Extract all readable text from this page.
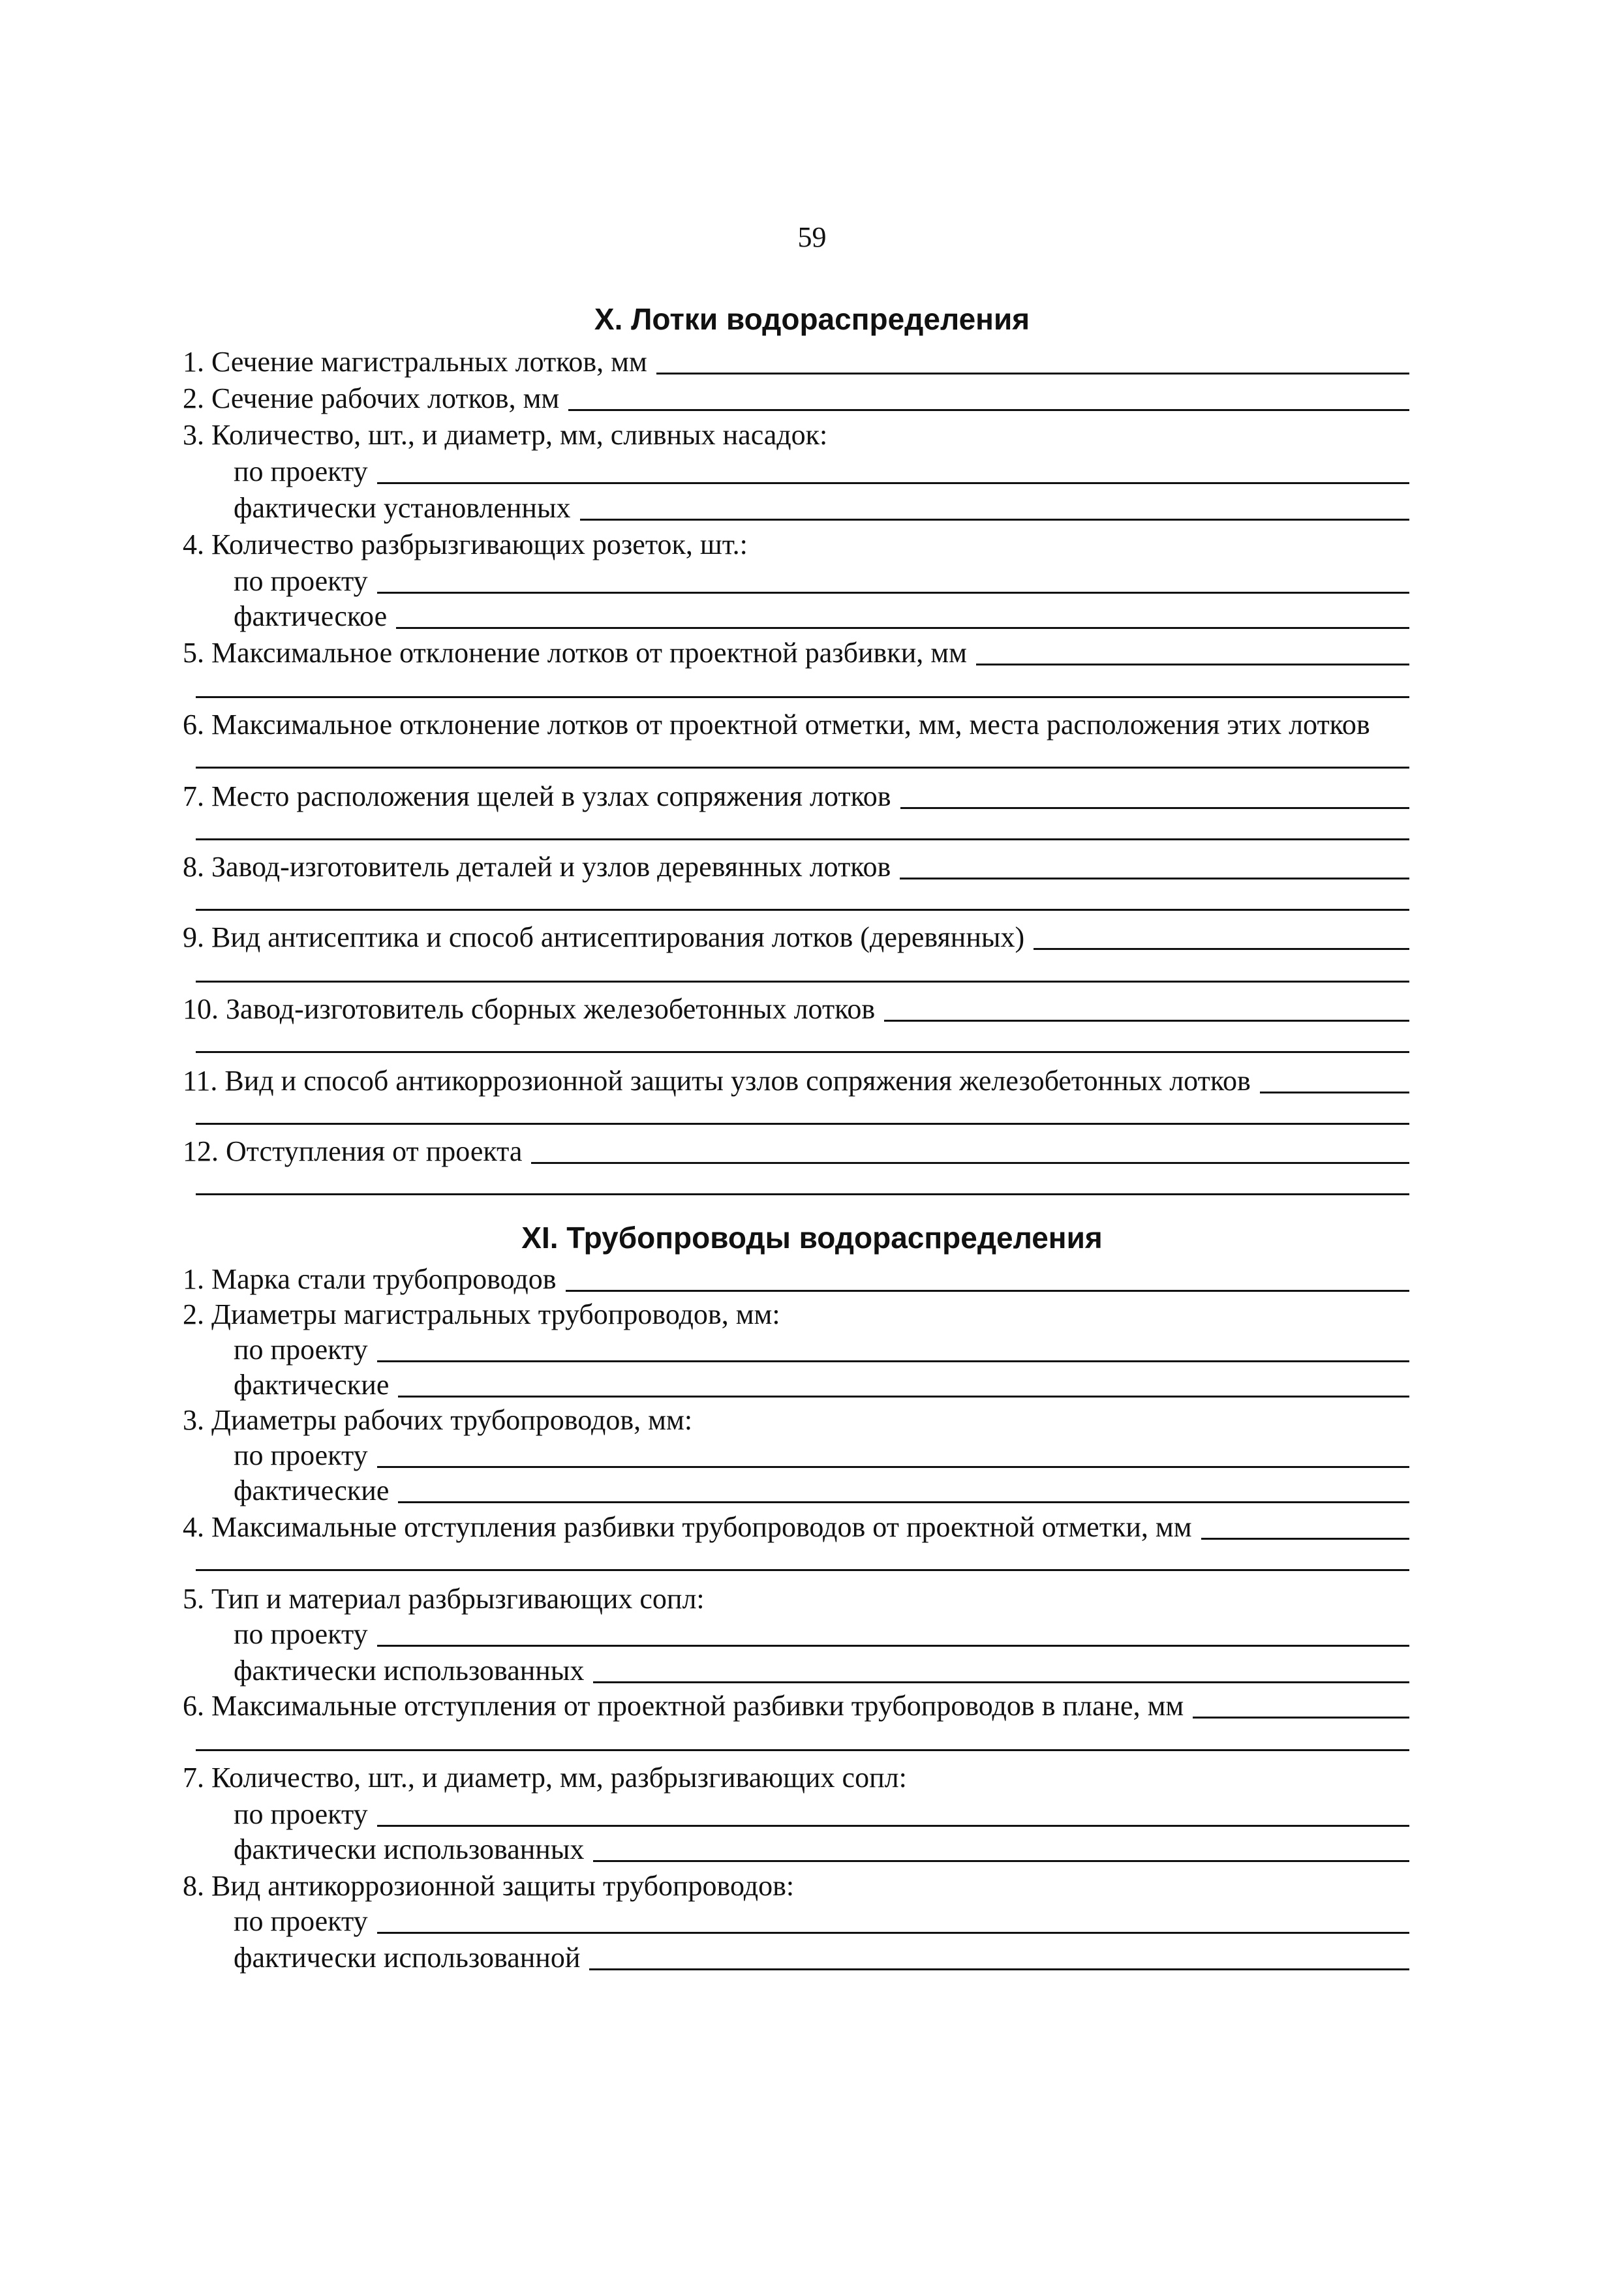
59
X. Лотки водораспределения
1. Сечение магистральных лотков, мм
2. Сечение рабочих лотков, мм
3. Количество, шт., и диаметр, мм, сливных насадок:
по проекту
фактически установленных
4. Количество разбрызгивающих розеток, шт.:
по проекту
фактическое
5. Максимальное отклонение лотков от проектной разбивки, мм
6. Максимальное отклонение лотков от проектной отметки, мм, места расположения этих лотков
7. Место расположения щелей в узлах сопряжения лотков
8. Завод-изготовитель деталей и узлов деревянных лотков
9. Вид антисептика и способ антисептирования лотков (деревянных)
10. Завод-изготовитель сборных железобетонных лотков
11. Вид и способ антикоррозионной защиты узлов сопряжения железобетонных лотков
12. Отступления от проекта
XI. Трубопроводы водораспределения
1. Марка стали трубопроводов
2. Диаметры магистральных трубопроводов, мм:
по проекту
фактические
3. Диаметры рабочих трубопроводов, мм:
по проекту
фактические
4. Максимальные отступления разбивки трубопроводов от проектной отметки, мм
5. Тип и материал разбрызгивающих сопл:
по проекту
фактически использованных
6. Максимальные отступления от проектной разбивки трубопроводов в плане, мм
7. Количество, шт., и диаметр, мм, разбрызгивающих сопл:
по проекту
фактически использованных
8. Вид антикоррозионной защиты трубопроводов:
по проекту
фактически использованной
